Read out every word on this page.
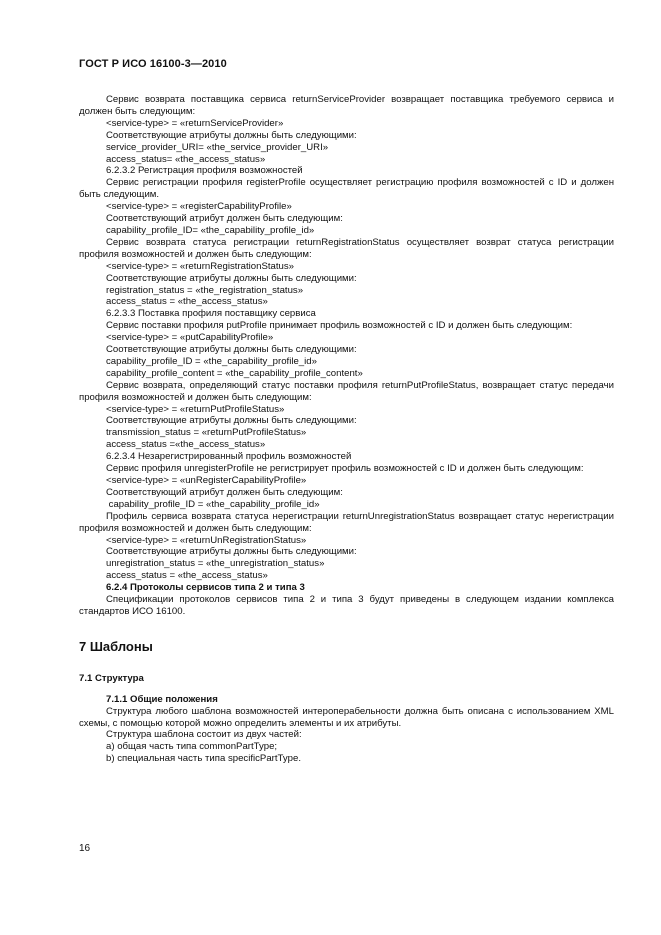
ГОСТ Р ИСО 16100-3—2010

Сервис возврата поставщика сервиса returnServiceProvider возвращает поставщика требуемого сервиса и должен быть следующим:

<service-type> = «returnServiceProvider»

Соответствующие атрибуты должны быть следующими:

service_provider_URI= «the_service_provider_URI»

access_status= «the_access_status»

6.2.3.2 Регистрация профиля возможностей

Сервис регистрации профиля registerProfile осуществляет регистрацию профиля возможностей с ID и должен быть следующим.

<service-type> = «registerCapabilityProfile»

Соответствующий атрибут должен быть следующим:

capability_profile_ID= «the_capability_profile_id»

Сервис возврата статуса регистрации returnRegistrationStatus осуществляет возврат статуса регистрации профиля возможностей и должен быть следующим:

<service-type> = «returnRegistrationStatus»

Соответствующие атрибуты должны быть следующими:

registration_status = «the_registration_status»

access_status = «the_access_status»

6.2.3.3 Поставка профиля поставщику сервиса

Сервис поставки профиля putProfile принимает профиль возможностей с ID и должен быть следующим:

<service-type> = «putCapabilityProfile»

Соответствующие атрибуты должны быть следующими:

capability_profile_ID = «the_capability_profile_id»

capability_profile_content = «the_capability_profile_content»

Сервис возврата, определяющий статус поставки профиля returnPutProfileStatus, возвращает статус передачи профиля возможностей и должен быть следующим:

<service-type> = «returnPutProfileStatus»

Соответствующие атрибуты должны быть следующими:

transmission_status = «returnPutProfileStatus»

access_status =«the_access_status»

6.2.3.4 Незарегистрированный профиль возможностей

Сервис профиля unregisterProfile не регистрирует профиль возможностей с ID и должен быть следующим:

<service-type> = «unRegisterCapabilityProfile»

Соответствующий атрибут должен быть следующим:

capability_profile_ID = «the_capability_profile_id»

Профиль сервиса возврата статуса нерегистрации returnUnregistrationStatus возвращает статус нерегистрации профиля возможностей и должен быть следующим:

<service-type> = «returnUnRegistrationStatus»

Соответствующие атрибуты должны быть следующими:

unregistration_status = «the_unregistration_status»

access_status = «the_access_status»

6.2.4 Протоколы сервисов типа 2 и типа 3

Спецификации протоколов сервисов типа 2 и типа 3 будут приведены в следующем издании комплекса стандартов ИСО 16100.

7 Шаблоны
7.1 Структура
7.1.1 Общие положения

Структура любого шаблона возможностей интероперабельности должна быть описана с использованием XML схемы, с помощью которой можно определить элементы и их атрибуты.

Структура шаблона состоит из двух частей:

a) общая часть типа commonPartType;

b) специальная часть типа specificPartType.

16
